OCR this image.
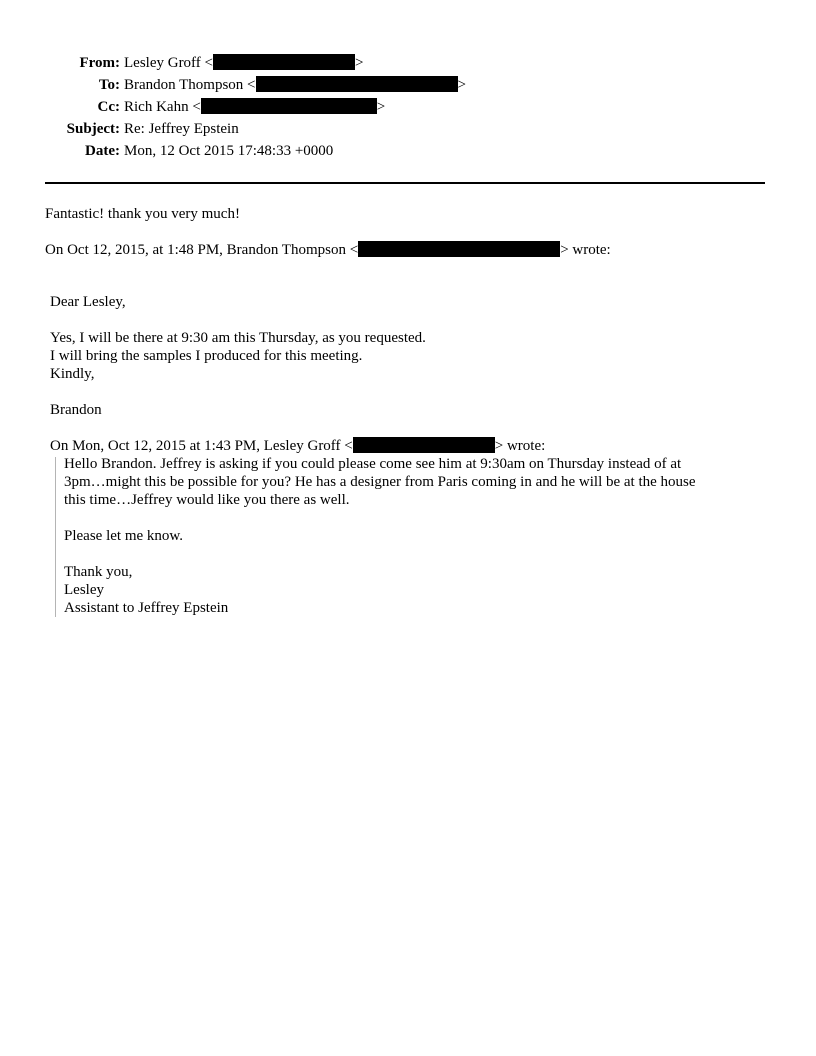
From: Lesley Groff <	>
To: Brandon Thompson <	>
Cc: Rich Kahn <	>
Subject: Re: Jeffrey Epstein
Date: Mon, 12 Oct 2015 17:48:33 +0000
Fantastic! thank you very much!
On Oct 12, 2015, at 1:48 PM, Brandon Thompson <	> wrote:
Dear Lesley,
Yes, I will be there at 9:30 am this Thursday, as you requested.
I will bring the samples I produced for this meeting.
Kindly,
Brandon
On Mon, Oct 12, 2015 at 1:43 PM, Lesley Groff <	> wrote:
Hello Brandon. Jeffrey is asking if you could please come see him at 9:30am on Thursday instead of at
3pm…might this be possible for you? He has a designer from Paris coming in and he will be at the house
this time…Jeffrey would like you there as well.
Please let me know.
Thank you,
Lesley
Assistant to Jeffrey Epstein
